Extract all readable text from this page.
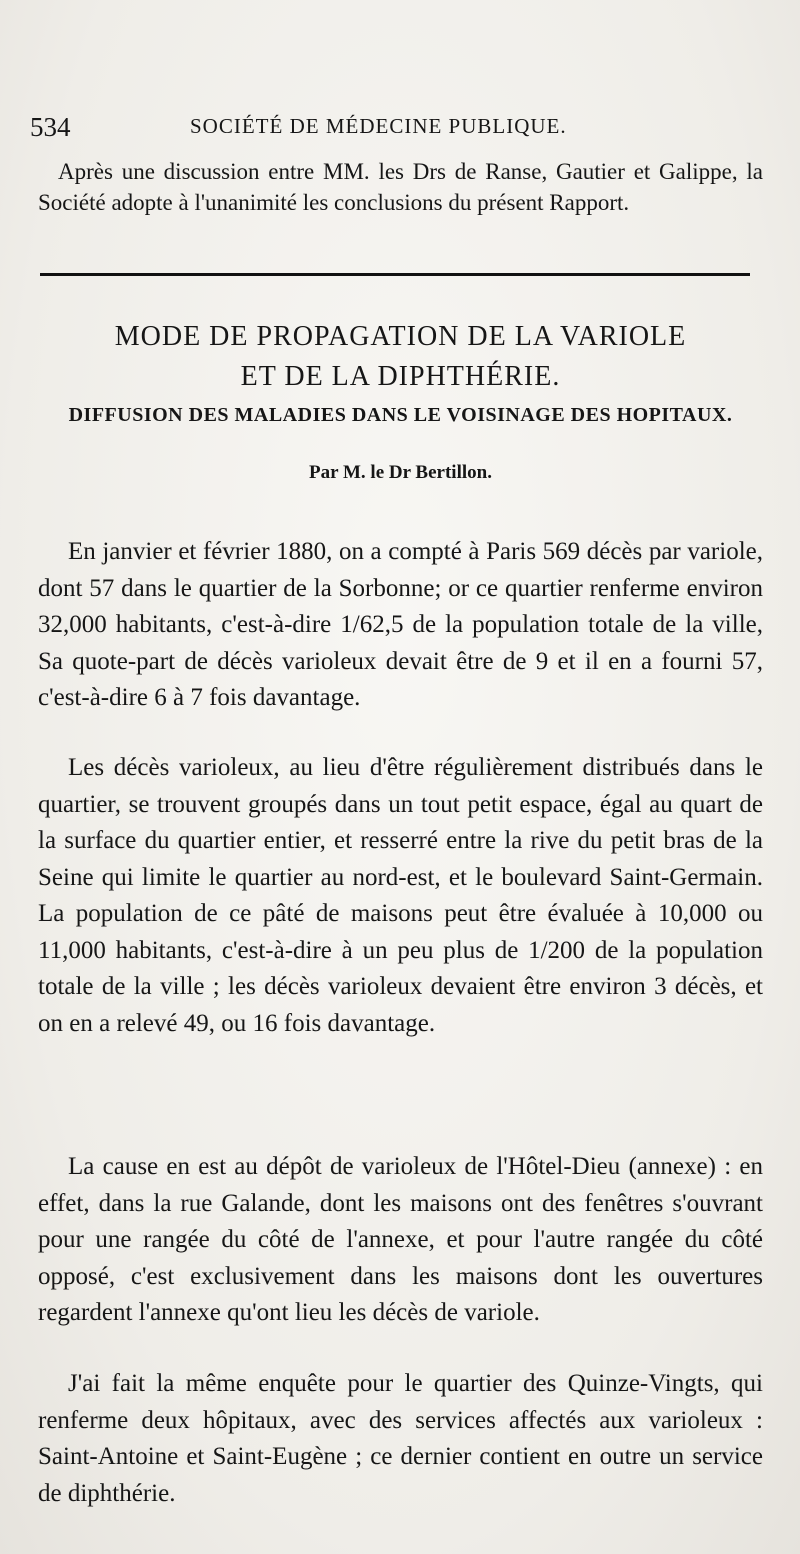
534	SOCIÉTÉ DE MÉDECINE PUBLIQUE.

Après une discussion entre MM. les Drs de Ranse, Gautier et Galippe, la Société adopte à l'unanimité les conclusions du présent Rapport.

MODE DE PROPAGATION DE LA VARIOLE
ET DE LA DIPHTHÉRIE.
DIFFUSION DES MALADIES DANS LE VOISINAGE DES HOPITAUX.
Par M. le Dr Bertillon.

En janvier et février 1880, on a compté à Paris 569 décès par variole, dont 57 dans le quartier de la Sorbonne; or ce quartier renferme environ 32,000 habitants, c'est-à-dire 1/62,5 de la population totale de la ville, Sa quote-part de décès varioleux devait être de 9 et il en a fourni 57, c'est-à-dire 6 à 7 fois davantage.

Les décès varioleux, au lieu d'être régulièrement distribués dans le quartier, se trouvent groupés dans un tout petit espace, égal au quart de la surface du quartier entier, et resserré entre la rive du petit bras de la Seine qui limite le quartier au nord-est, et le boulevard Saint-Germain. La population de ce pâté de maisons peut être évaluée à 10,000 ou 11,000 habitants, c'est-à-dire à un peu plus de 1/200 de la population totale de la ville ; les décès varioleux devaient être environ 3 décès, et on en a relevé 49, ou 16 fois davantage.

La cause en est au dépôt de varioleux de l'Hôtel-Dieu (annexe) : en effet, dans la rue Galande, dont les maisons ont des fenêtres s'ouvrant pour une rangée du côté de l'annexe, et pour l'autre rangée du côté opposé, c'est exclusivement dans les maisons dont les ouvertures regardent l'annexe qu'ont lieu les décès de variole.

J'ai fait la même enquête pour le quartier des Quinze-Vingts, qui renferme deux hôpitaux, avec des services affectés aux varioleux : Saint-Antoine et Saint-Eugène ; ce dernier contient en outre un service de diphthérie.
